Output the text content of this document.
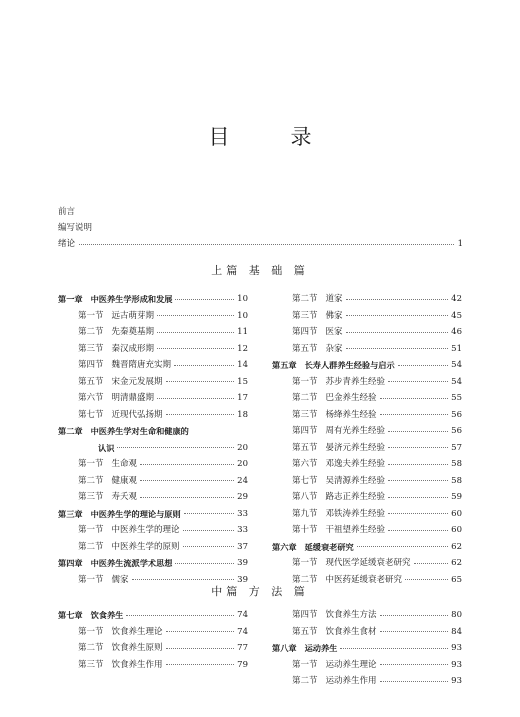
目　录
前言
编写说明
绪论	1
上篇 基 础 篇
第一章 中医养生学形成和发展	10
第一节 远古萌芽期	10
第二节 先秦奠基期	11
第三节 秦汉成形期	12
第四节 魏晋隋唐充实期	14
第五节 宋金元发展期	15
第六节 明清鼎盛期	17
第七节 近现代弘扬期	18
第二章 中医养生学对生命和健康的
认识	20
第一节 生命观	20
第二节 健康观	24
第三节 寿夭观	29
第三章 中医养生学的理论与原则	33
第一节 中医养生学的理论	33
第二节 中医养生学的原则	37
第四章 中医养生流派学术思想	39
第一节 儒家	39
第二节 道家	42
第三节 佛家	45
第四节 医家	46
第五节 杂家	51
第五章 长寿人群养生经验与启示	54
第一节 苏步青养生经验	54
第二节 巴金养生经验	55
第三节 杨绛养生经验	56
第四节 周有光养生经验	56
第五节 晏济元养生经验	57
第六节 邓逸夫养生经验	58
第七节 吴清源养生经验	58
第八节 路志正养生经验	59
第九节 邓铁涛养生经验	60
第十节 干祖望养生经验	60
第六章 延缓衰老研究	62
第一节 现代医学延缓衰老研究	62
第二节 中医药延缓衰老研究	65
中篇 方 法 篇
第七章 饮食养生	74
第一节 饮食养生理论	74
第二节 饮食养生原则	77
第三节 饮食养生作用	79
第四节 饮食养生方法	80
第五节 饮食养生食材	84
第八章 运动养生	93
第一节 运动养生理论	93
第二节 运动养生作用	93
